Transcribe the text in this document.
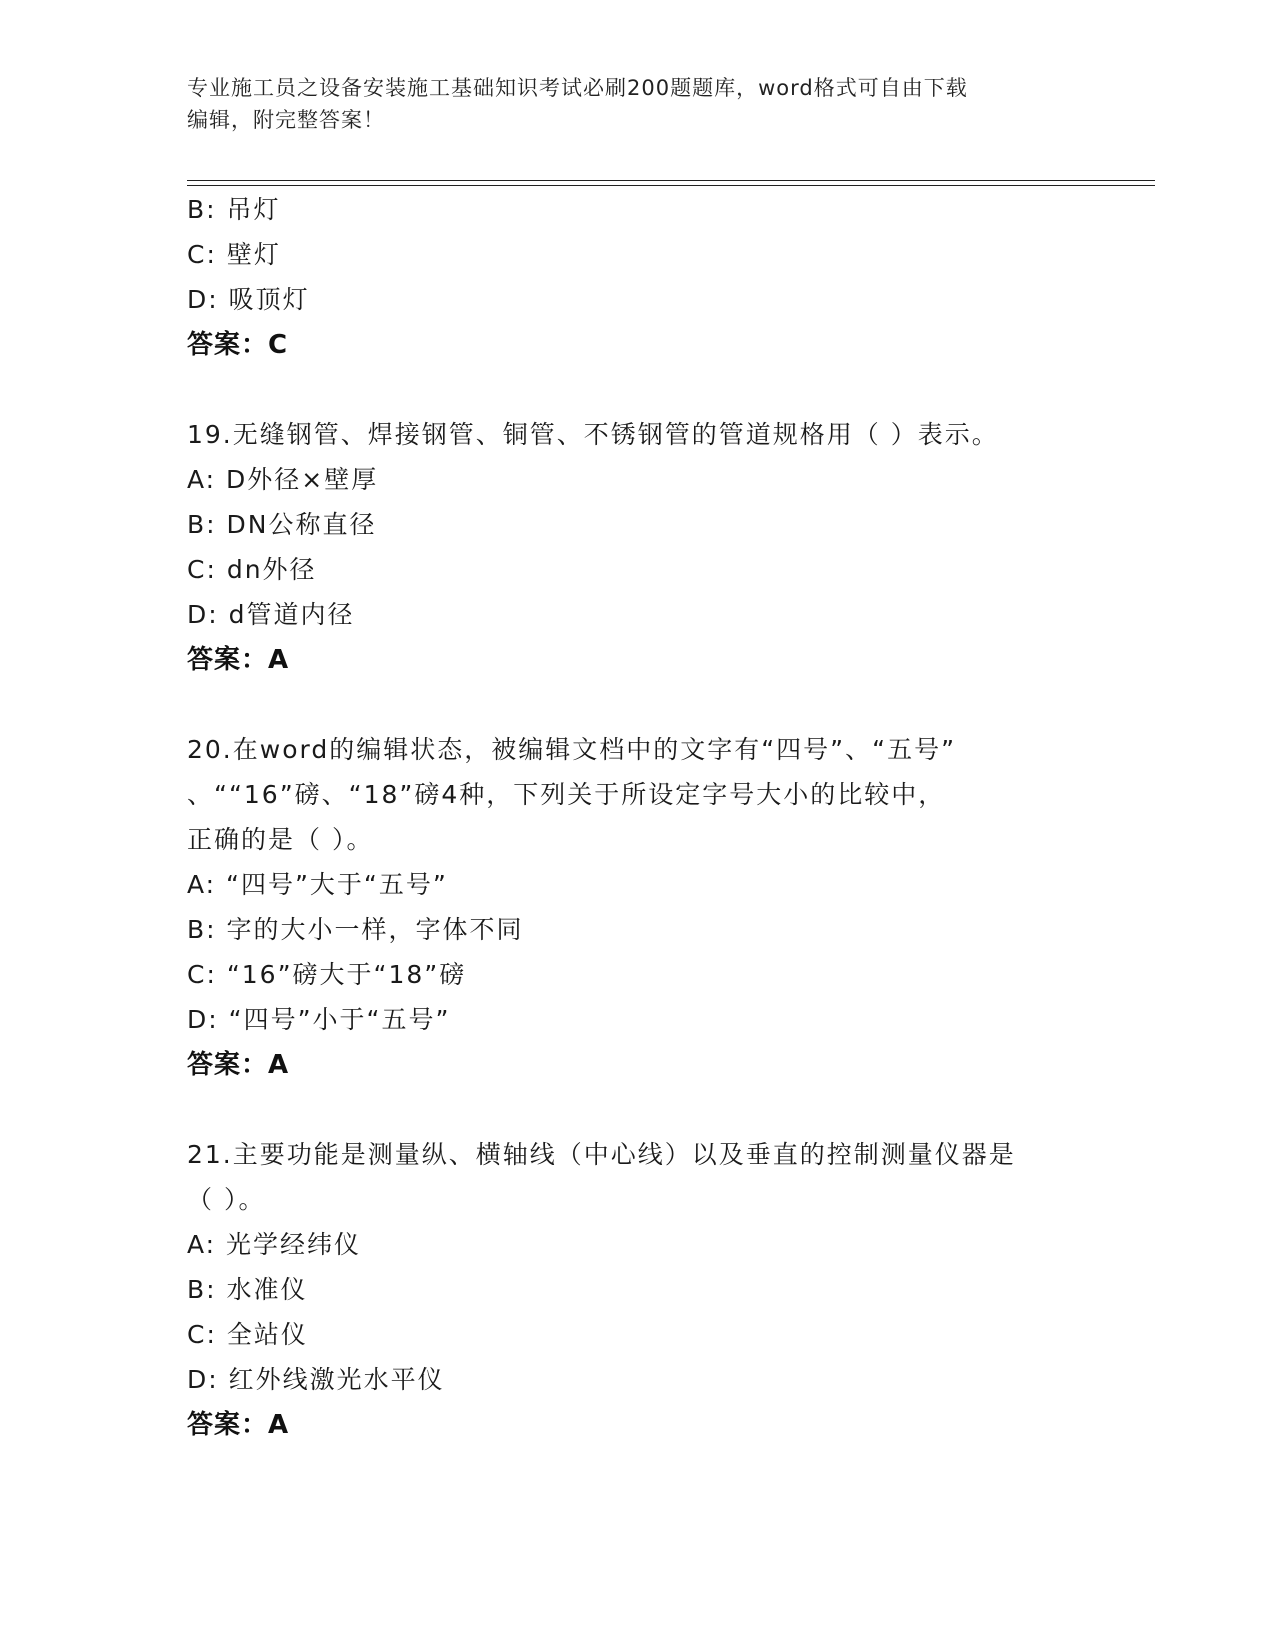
专业施工员之设备安装施工基础知识考试必刷200题题库，word格式可自由下载
编辑，附完整答案！
B: 吊灯
C: 壁灯
D: 吸顶灯
答案：C
19.无缝钢管、焊接钢管、铜管、不锈钢管的管道规格用（ ）表示。
A: D外径×壁厚
B: DN公称直径
C: dn外径
D: d管道内径
答案：A
20.在word的编辑状态，被编辑文档中的文字有“四号”、“五号”
、““16”磅、“18”磅4种，下列关于所设定字号大小的比较中，
正确的是（ ）。
A: “四号”大于“五号”
B: 字的大小一样，字体不同
C: “16”磅大于“18”磅
D: “四号”小于“五号”
答案：A
21.主要功能是测量纵、横轴线（中心线）以及垂直的控制测量仪器是
（ ）。
A: 光学经纬仪
B: 水准仪
C: 全站仪
D: 红外线激光水平仪
答案：A
